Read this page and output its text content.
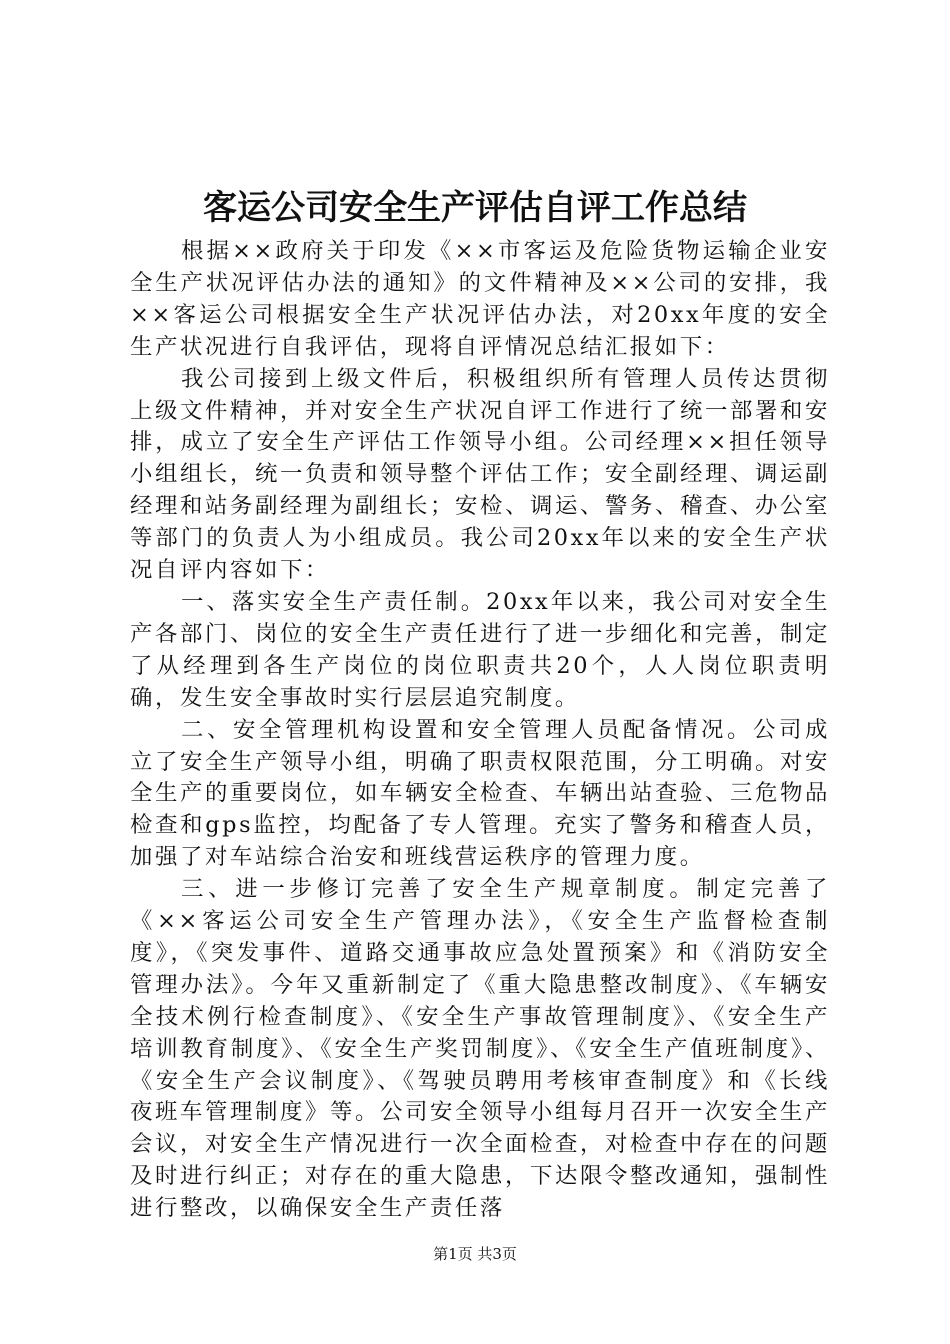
客运公司安全生产评估自评工作总结

根据××政府关于印发《××市客运及危险货物运输企业安全生产状况评估办法的通知》的文件精神及××公司的安排，我××客运公司根据安全生产状况评估办法，对20xx年度的安全生产状况进行自我评估，现将自评情况总结汇报如下：

我公司接到上级文件后，积极组织所有管理人员传达贯彻上级文件精神，并对安全生产状况自评工作进行了统一部署和安排，成立了安全生产评估工作领导小组。公司经理××担任领导小组组长，统一负责和领导整个评估工作；安全副经理、调运副经理和站务副经理为副组长；安检、调运、警务、稽查、办公室等部门的负责人为小组成员。我公司20xx年以来的安全生产状况自评内容如下：

一、落实安全生产责任制。20xx年以来，我公司对安全生产各部门、岗位的安全生产责任进行了进一步细化和完善，制定了从经理到各生产岗位的岗位职责共20个，人人岗位职责明确，发生安全事故时实行层层追究制度。

二、安全管理机构设置和安全管理人员配备情况。公司成立了安全生产领导小组，明确了职责权限范围，分工明确。对安全生产的重要岗位，如车辆安全检查、车辆出站查验、三危物品检查和gps监控，均配备了专人管理。充实了警务和稽查人员，加强了对车站综合治安和班线营运秩序的管理力度。

三、进一步修订完善了安全生产规章制度。制定完善了《××客运公司安全生产管理办法》，《安全生产监督检查制度》，《突发事件、道路交通事故应急处置预案》和《消防安全管理办法》。今年又重新制定了《重大隐患整改制度》、《车辆安全技术例行检查制度》、《安全生产事故管理制度》、《安全生产培训教育制度》、《安全生产奖罚制度》、《安全生产值班制度》、《安全生产会议制度》、《驾驶员聘用考核审查制度》和《长线夜班车管理制度》等。公司安全领导小组每月召开一次安全生产会议，对安全生产情况进行一次全面检查，对检查中存在的问题及时进行纠正；对存在的重大隐患，下达限令整改通知，强制性进行整改，以确保安全生产责任落

第1页 共3页
